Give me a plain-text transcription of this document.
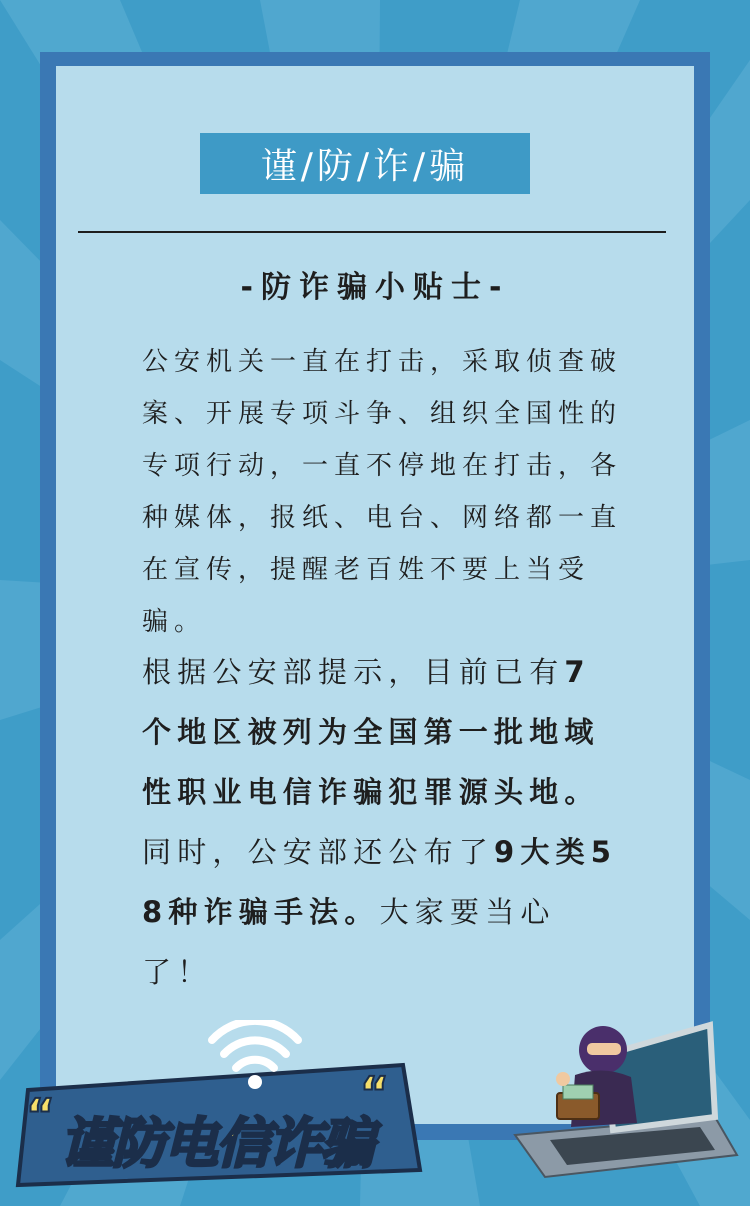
谨/防/诈/骗
-防诈骗小贴士-
公安机关一直在打击，采取侦查破
案、开展专项斗争、组织全国性的
专项行动，一直不停地在打击，各
种媒体，报纸、电台、网络都一直
在宣传，提醒老百姓不要上当受
骗。
根据公安部提示，目前已有7
个地区被列为全国第一批地域
性职业电信诈骗犯罪源头地。
同时，公安部还公布了9大类5
8种诈骗手法。大家要当心
了！
“	“
谨防电信诈骗
